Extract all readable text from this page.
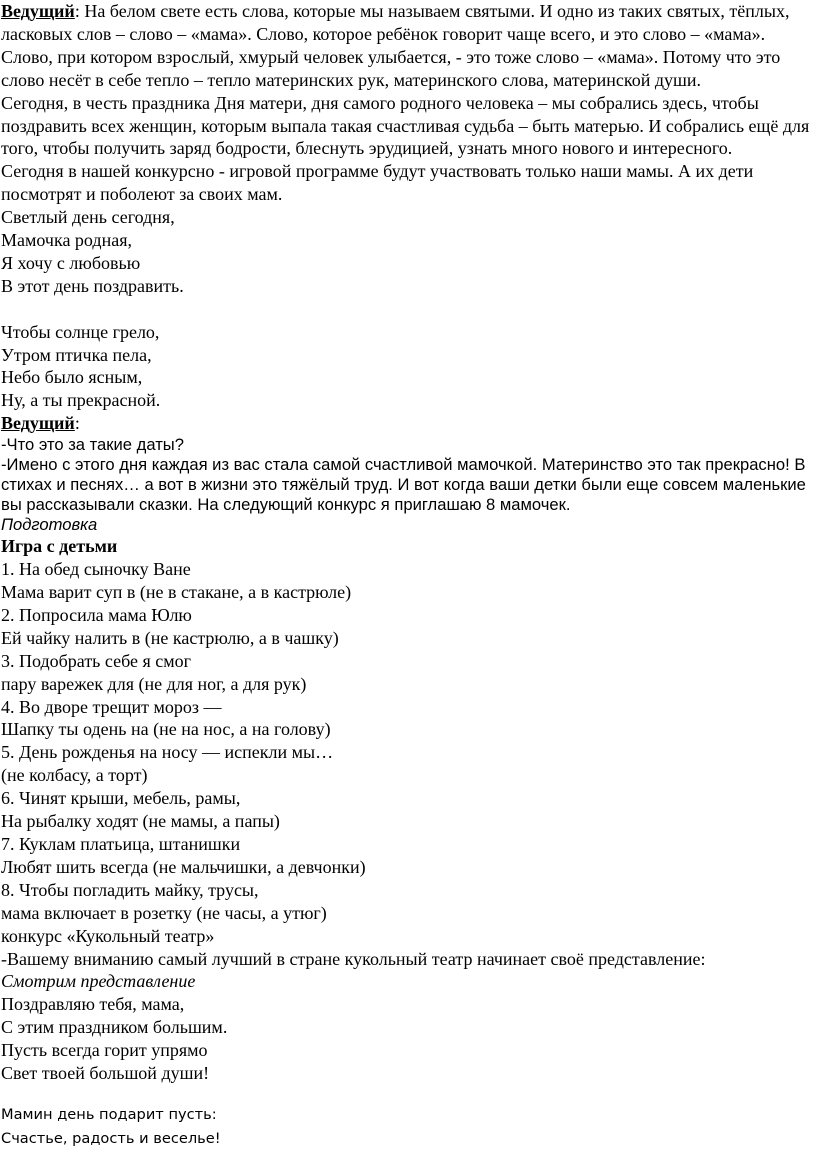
Ведущий: На белом свете есть слова, которые мы называем святыми. И одно из таких святых, тёплых, ласковых слов – слово – «мама». Слово, которое ребёнок говорит чаще всего, и это слово – «мама». Слово, при котором взрослый, хмурый человек улыбается, - это тоже слово – «мама». Потому что это слово несёт в себе тепло – тепло материнских рук, материнского слова, материнской души.

Сегодня, в честь праздника Дня матери, дня самого родного человека – мы собрались здесь, чтобы поздравить всех женщин, которым выпала такая счастливая судьба – быть матерью. И собрались ещё для того, чтобы получить заряд бодрости, блеснуть эрудицией, узнать много нового и интересного.

Сегодня в нашей конкурсно - игровой программе будут участвовать только наши мамы. А их дети посмотрят и поболеют за своих мам.

Светлый день сегодня,

Мамочка родная,

Я хочу с любовью

В этот день поздравить.

Чтобы солнце грело,

Утром птичка пела,

Небо было ясным,

Ну, а ты прекрасной.

Ведущий:

-Что это за такие даты?

-Имено с этого дня каждая из вас стала самой счастливой мамочкой. Материнство это так прекрасно! В стихах и песнях… а вот в жизни это тяжёлый труд. И вот когда ваши детки были еще совсем маленькие вы рассказывали сказки. На следующий конкурс я приглашаю 8 мамочек.

Подготовка

Игра с детьми

1. На обед сыночку Ване

Мама варит суп в (не в стакане, а в кастрюле)

2. Попросила мама Юлю

Ей чайку налить в (не кастрюлю, а в чашку)

3. Подобрать себе я смог

пару варежек для (не для ног, а для рук)

4. Во дворе трещит мороз —

Шапку ты одень на (не на нос, а на голову)

5. День рожденья на носу — испекли мы…

(не колбасу, а торт)

6. Чинят крыши, мебель, рамы,

На рыбалку ходят (не мамы, а папы)

7. Куклам платьица, штанишки

Любят шить всегда (не мальчишки, а девчонки)

8. Чтобы погладить майку, трусы,

мама включает в розетку (не часы, а утюг)

конкурс «Кукольный театр»

-Вашему вниманию самый лучший в стране кукольный театр начинает своё представление:

Смотрим представление

Поздравляю тебя, мама,

С этим праздником большим.

Пусть всегда горит упрямо

Свет твоей большой души!

Мамин день подарит пусть:

Счастье, радость и веселье!
